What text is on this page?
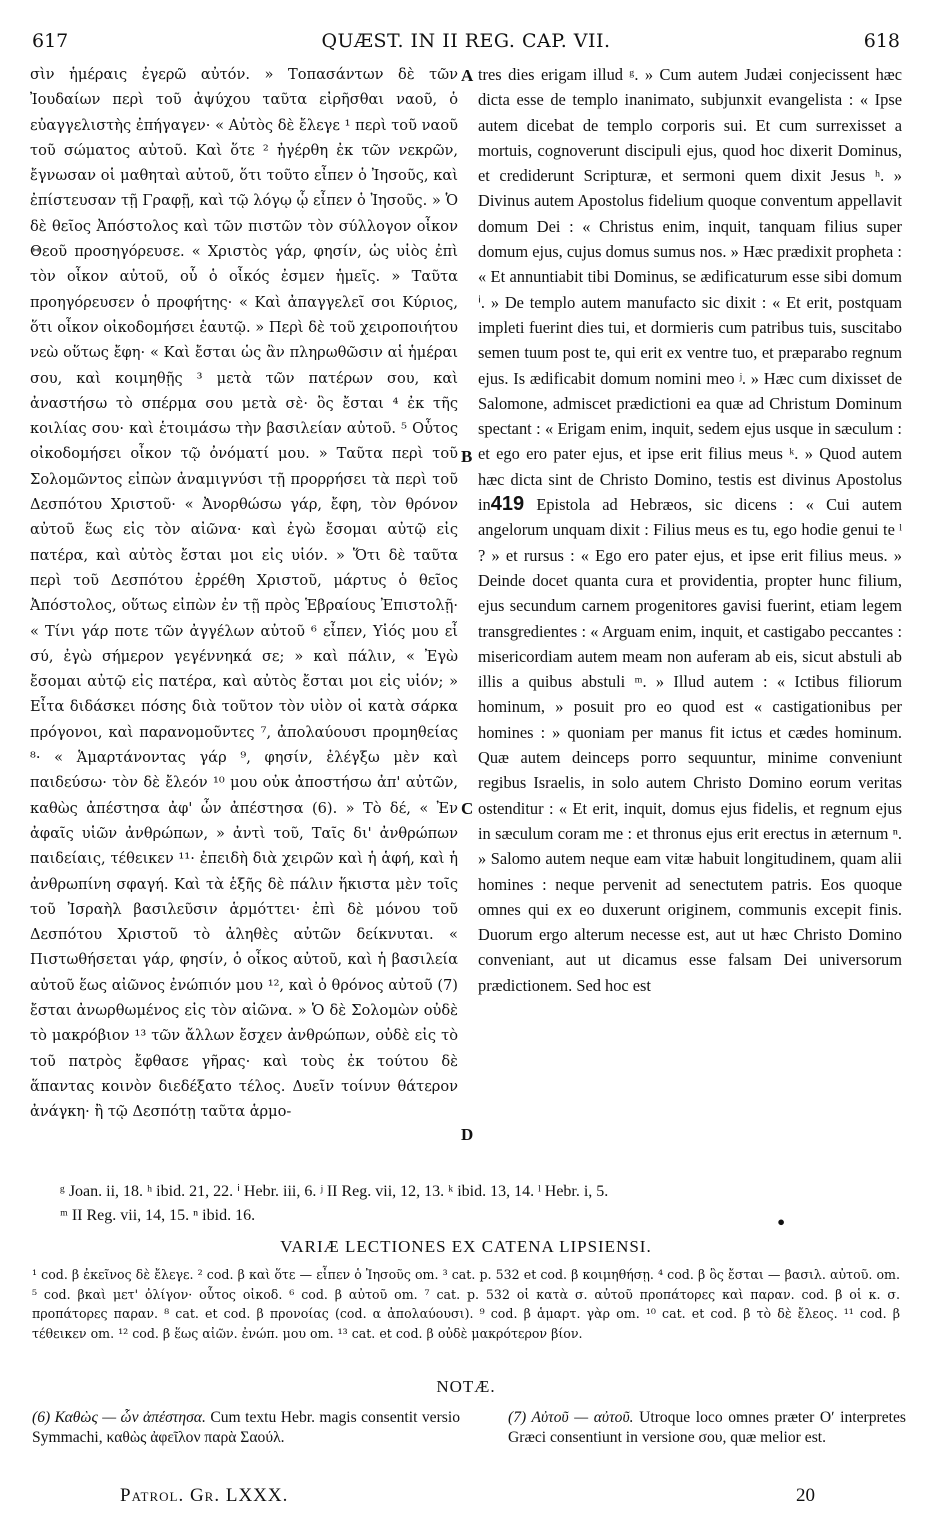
617	QUÆST. IN II REG. CAP. VII.	618

σὶν ἡμέραις ἐγερῶ αὐτόν. » Τοπασάντων δὲ τῶν Ἰουδαίων περὶ τοῦ ἀψύχου ταῦτα εἰρῆσθαι ναοῦ, ὁ εὐαγγελιστὴς ἐπήγαγεν· « Αὐτὸς δὲ ἔλεγε ¹ περὶ τοῦ ναοῦ τοῦ σώματος αὐτοῦ. Καὶ ὅτε ² ἠγέρθη ἐκ τῶν νεκρῶν, ἔγνωσαν οἱ μαθηταὶ αὐτοῦ, ὅτι τοῦτο εἶπεν ὁ Ἰησοῦς, καὶ ἐπίστευσαν τῇ Γραφῇ, καὶ τῷ λόγῳ ᾧ εἶπεν ὁ Ἰησοῦς. » Ὁ δὲ θεῖος Ἀπόστολος καὶ τῶν πιστῶν τὸν σύλλογον οἶκον Θεοῦ προσηγόρευσε. « Χριστὸς γάρ, φησίν, ὡς υἱὸς ἐπὶ τὸν οἶκον αὐτοῦ, οὗ ὁ οἶκός ἐσμεν ἡμεῖς. » Ταῦτα προηγόρευσεν ὁ προφήτης· « Καὶ ἀπαγγελεῖ σοι Κύριος, ὅτι οἶκον οἰκοδομήσει ἑαυτῷ. » Περὶ δὲ τοῦ χειροποιήτου νεὼ οὕτως ἔφη· « Καὶ ἔσται ὡς ἂν πληρωθῶσιν αἱ ἡμέραι σου, καὶ κοιμηθῇς ³ μετὰ τῶν πατέρων σου, καὶ ἀναστήσω τὸ σπέρμα σου μετὰ σὲ· ὃς ἔσται ⁴ ἐκ τῆς κοιλίας σου· καὶ ἑτοιμάσω τὴν βασιλείαν αὐτοῦ. ⁵ Οὗτος οἰκοδομήσει οἶκον τῷ ὀνόματί μου. » Ταῦτα περὶ τοῦ Σολομῶντος εἰπὼν ἀναμιγνύσι τῇ προρρήσει τὰ περὶ τοῦ Δεσπότου Χριστοῦ· « Ἀνορθώσω γάρ, ἔφη, τὸν θρόνον αὐτοῦ ἕως εἰς τὸν αἰῶνα· καὶ ἐγὼ ἔσομαι αὐτῷ εἰς πατέρα, καὶ αὐτὸς ἔσται μοι εἰς υἱόν. » Ὅτι δὲ ταῦτα περὶ τοῦ Δεσπότου ἐρρέθη Χριστοῦ, μάρτυς ὁ θεῖος Ἀπόστολος, οὕτως εἰπὼν ἐν τῇ πρὸς Ἑβραίους Ἐπιστολῇ· « Τίνι γάρ ποτε τῶν ἀγγέλων αὐτοῦ ⁶ εἶπεν, Υἱός μου εἶ σύ, ἐγὼ σήμερον γεγέννηκά σε; » καὶ πάλιν, « Ἐγὼ ἔσομαι αὐτῷ εἰς πατέρα, καὶ αὐτὸς ἔσται μοι εἰς υἱόν; » Εἶτα διδάσκει πόσης διὰ τοῦτον τὸν υἱὸν οἱ κατὰ σάρκα πρόγονοι, καὶ παρανομοῦντες ⁷, ἀπολαύουσι προμηθείας ⁸· « Ἁμαρτάνοντας γάρ ⁹, φησίν, ἐλέγξω μὲν καὶ παιδεύσω· τὸν δὲ ἔλεόν ¹⁰ μου οὐκ ἀποστήσω ἀπ' αὐτῶν, καθὼς ἀπέστησα ἀφ' ὧν ἀπέστησα (6). » Τὸ δέ, « Ἐν ἀφαῖς υἱῶν ἀνθρώπων, » ἀντὶ τοῦ, Ταῖς δι' ἀνθρώπων παιδείαις, τέθεικεν ¹¹· ἐπειδὴ διὰ χειρῶν καὶ ἡ ἁφή, καὶ ἡ ἀνθρωπίνη σφαγή. Καὶ τὰ ἑξῆς δὲ πάλιν ἥκιστα μὲν τοῖς τοῦ Ἰσραὴλ βασιλεῦσιν ἁρμόττει· ἐπὶ δὲ μόνου τοῦ Δεσπότου Χριστοῦ τὸ ἀληθὲς αὐτῶν δείκνυται. « Πιστωθήσεται γάρ, φησίν, ὁ οἶκος αὐτοῦ, καὶ ἡ βασιλεία αὐτοῦ ἕως αἰῶνος ἐνώπιόν μου ¹², καὶ ὁ θρόνος αὐτοῦ (7) ἔσται ἀνωρθωμένος εἰς τὸν αἰῶνα. » Ὁ δὲ Σολομὼν οὐδὲ τὸ μακρόβιον ¹³ τῶν ἄλλων ἔσχεν ἀνθρώπων, οὐδὲ εἰς τὸ τοῦ πατρὸς ἔφθασε γῆρας· καὶ τοὺς ἐκ τούτου δὲ ἅπαντας κοινὸν διεδέξατο τέλος. Δυεῖν τοίνυν θάτερον ἀνάγκη· ἢ τῷ Δεσπότῃ ταῦτα ἁρμο-

A
B
C
D

tres dies erigam illud ᵍ. » Cum autem Judæi conjecissent hæc dicta esse de templo inanimato, subjunxit evangelista : « Ipse autem dicebat de templo corporis sui. Et cum surrexisset a mortuis, cognoverunt discipuli ejus, quod hoc dixerit Dominus, et crediderunt Scripturæ, et sermoni quem dixit Jesus ʰ. » Divinus autem Apostolus fidelium quoque conventum appellavit domum Dei : « Christus enim, inquit, tanquam filius super domum ejus, cujus domus sumus nos. » Hæc prædixit propheta : « Et annuntiabit tibi Dominus, se ædificaturum esse sibi domum ⁱ. » De templo autem manufacto sic dixit : « Et erit, postquam impleti fuerint dies tui, et dormieris cum patribus tuis, suscitabo semen tuum post te, qui erit ex ventre tuo, et præparabo regnum ejus. Is ædificabit domum nomini meo ʲ. » Hæc cum dixisset de Salomone, admiscet prædictioni ea quæ ad Christum Dominum spectant : « Erigam enim, inquit, sedem ejus usque in sæculum : et ego ero pater ejus, et ipse erit filius meus ᵏ. » Quod autem hæc dicta sint de Christo Domino, testis est divinus Apostolus in419 Epistola ad Hebræos, sic dicens : « Cui autem angelorum unquam dixit : Filius meus es tu, ego hodie genui te ˡ ? » et rursus : « Ego ero pater ejus, et ipse erit filius meus. » Deinde docet quanta cura et providentia, propter hunc filium, ejus secundum carnem progenitores gavisi fuerint, etiam legem transgredientes : « Arguam enim, inquit, et castigabo peccantes : misericordiam autem meam non auferam ab eis, sicut abstuli ab illis a quibus abstuli ᵐ. » Illud autem : « Ictibus filiorum hominum, » posuit pro eo quod est « castigationibus per homines : » quoniam per manus fit ictus et cædes hominum. Quæ autem deinceps porro sequuntur, minime conveniunt regibus Israelis, in solo autem Christo Domino eorum veritas ostenditur : « Et erit, inquit, domus ejus fidelis, et regnum ejus in sæculum coram me : et thronus ejus erit erectus in æternum ⁿ. » Salomo autem neque eam vitæ habuit longitudinem, quam alii homines : neque pervenit ad senectutem patris. Eos quoque omnes qui ex eo duxerunt originem, communis excepit finis. Duorum ergo alterum necesse est, aut ut hæc Christo Domino conveniant, aut ut dicamus esse falsam Dei universorum prædictionem. Sed hoc est

ᵍ Joan. ii, 18. ʰ ibid. 21, 22. ⁱ Hebr. iii, 6. ʲ II Reg. vii, 12, 13. ᵏ ibid. 13, 14. ˡ Hebr. i, 5.
ᵐ II Reg. vii, 14, 15. ⁿ ibid. 16.	•
VARIÆ LECTIONES EX CATENA LIPSIENSI.

¹ cod. β ἐκεῖνος δὲ ἔλεγε. ² cod. β καὶ ὅτε — εἶπεν ὁ Ἰησοῦς om. ³ cat. p. 532 et cod. β κοιμηθήσῃ. ⁴ cod. β ὃς ἔσται — βασιλ. αὐτοῦ. om. ⁵ cod. βκαὶ μετ' ὀλίγον· οὗτος οἰκοδ. ⁶ cod. β αὐτοῦ om. ⁷ cat. p. 532 οἱ κατὰ σ. αὐτοῦ προπάτορες καὶ παραν. cod. β οἱ κ. σ. προπάτορες παραν. ⁸ cat. et cod. β προνοίας (cod. α ἀπολαύουσι). ⁹ cod. β ἁμαρτ. γὰρ om. ¹⁰ cat. et cod. β τὸ δὲ ἔλεος. ¹¹ cod. β τέθεικεν om. ¹² cod. β ἕως αἰῶν. ἐνώπ. μου om. ¹³ cat. et cod. β οὐδὲ μακρότερον βίον.

NOTÆ.

(6) Καθὼς — ὧν ἀπέστησα. Cum textu Hebr. magis consentit versio Symmachi, καθὼς ἀφεῖλον παρὰ Σαούλ.

(7) Αὐτοῦ — αὐτοῦ. Utroque loco omnes præter Οʹ interpretes Græci consentiunt in versione σου, quæ melior est.

Patrol. Gr. LXXX.	20
